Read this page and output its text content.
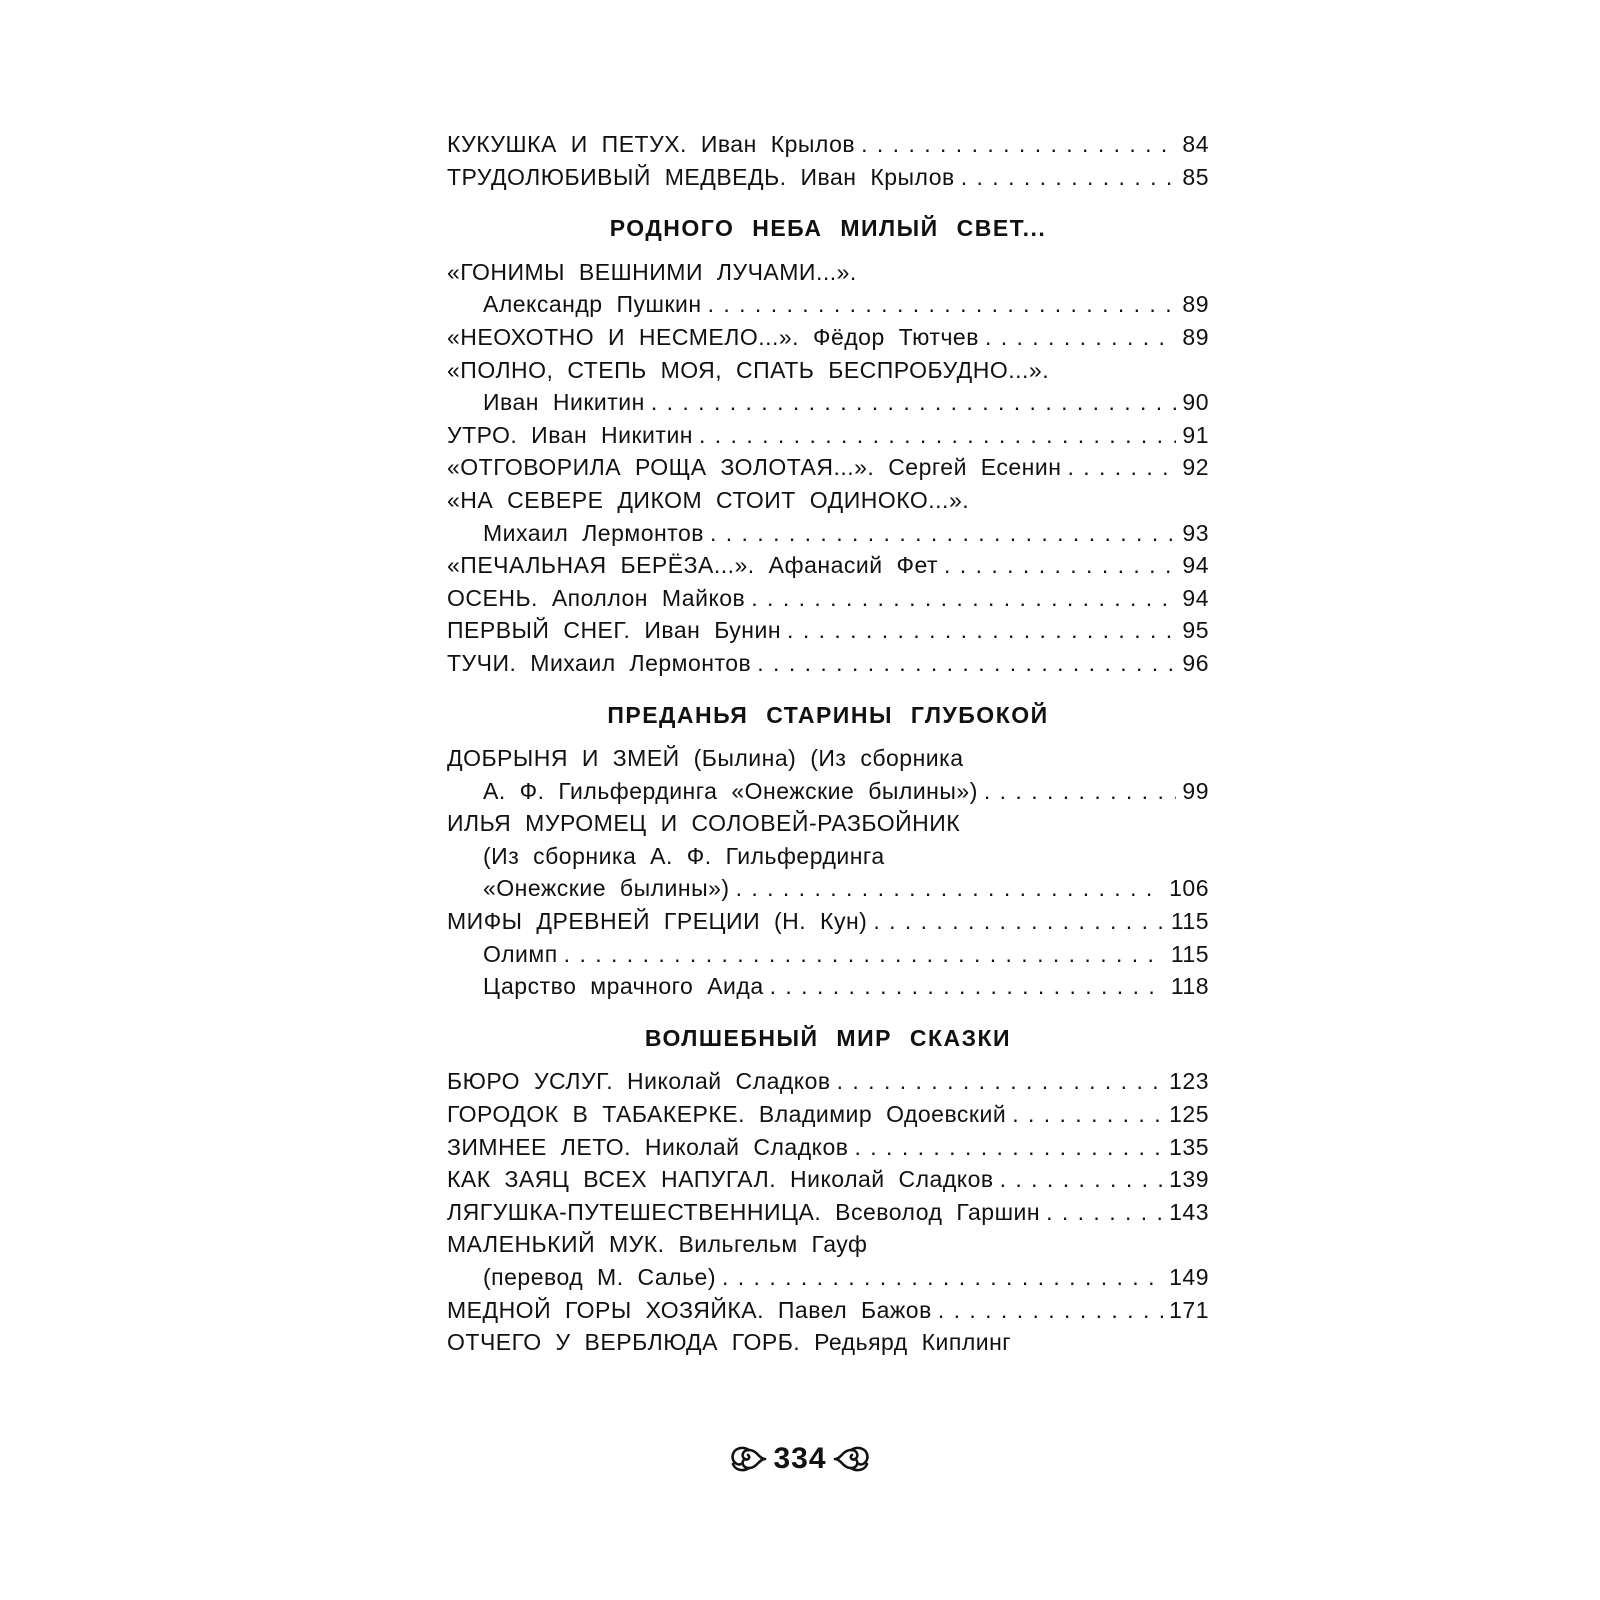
КУКУШКА И ПЕТУХ. Иван Крылов . . .	84
ТРУДОЛЮБИВЫЙ МЕДВЕДЬ. Иван Крылов . . .	85
РОДНОГО НЕБА МИЛЫЙ СВЕТ...
«ГОНИМЫ ВЕШНИМИ ЛУЧАМИ...».
Александр Пушкин . . .	89
«НЕОХОТНО И НЕСМЕЛО...». Фёдор Тютчев . . .	89
«ПОЛНО, СТЕПЬ МОЯ, СПАТЬ БЕСПРОБУДНО...».
Иван Никитин . . .	90
УТРО. Иван Никитин . . .	91
«ОТГОВОРИЛА РОЩА ЗОЛОТАЯ...». Сергей Есенин . . .	92
«НА СЕВЕРЕ ДИКОМ СТОИТ ОДИНОКО...».
Михаил Лермонтов . . .	93
«ПЕЧАЛЬНАЯ БЕРЁЗА...». Афанасий Фет . . .	94
ОСЕНЬ. Аполлон Майков . . .	94
ПЕРВЫЙ СНЕГ. Иван Бунин . . .	95
ТУЧИ. Михаил Лермонтов . . .	96
ПРЕДАНЬЯ СТАРИНЫ ГЛУБОКОЙ
ДОБРЫНЯ И ЗМЕЙ (Былина) (Из сборника
А. Ф. Гильфердинга «Онежские былины») . . .	99
ИЛЬЯ МУРОМЕЦ И СОЛОВЕЙ-РАЗБОЙНИК
(Из сборника А. Ф. Гильфердинга
«Онежские былины») . . .	106
МИФЫ ДРЕВНЕЙ ГРЕЦИИ (Н. Кун) . . .	115
Олимп . . .	115
Царство мрачного Аида . . .	118
ВОЛШЕБНЫЙ МИР СКАЗКИ
БЮРО УСЛУГ. Николай Сладков . . .	123
ГОРОДОК В ТАБАКЕРКЕ. Владимир Одоевский . . .	125
ЗИМНЕЕ ЛЕТО. Николай Сладков . . .	135
КАК ЗАЯЦ ВСЕХ НАПУГАЛ. Николай Сладков . . .	139
ЛЯГУШКА-ПУТЕШЕСТВЕННИЦА. Всеволод Гаршин . . .	143
МАЛЕНЬКИЙ МУК. Вильгельм Гауф
(перевод М. Салье) . . .	149
МЕДНОЙ ГОРЫ ХОЗЯЙКА. Павел Бажов . . .	171
ОТЧЕГО У ВЕРБЛЮДА ГОРБ. Редьярд Киплинг
334
